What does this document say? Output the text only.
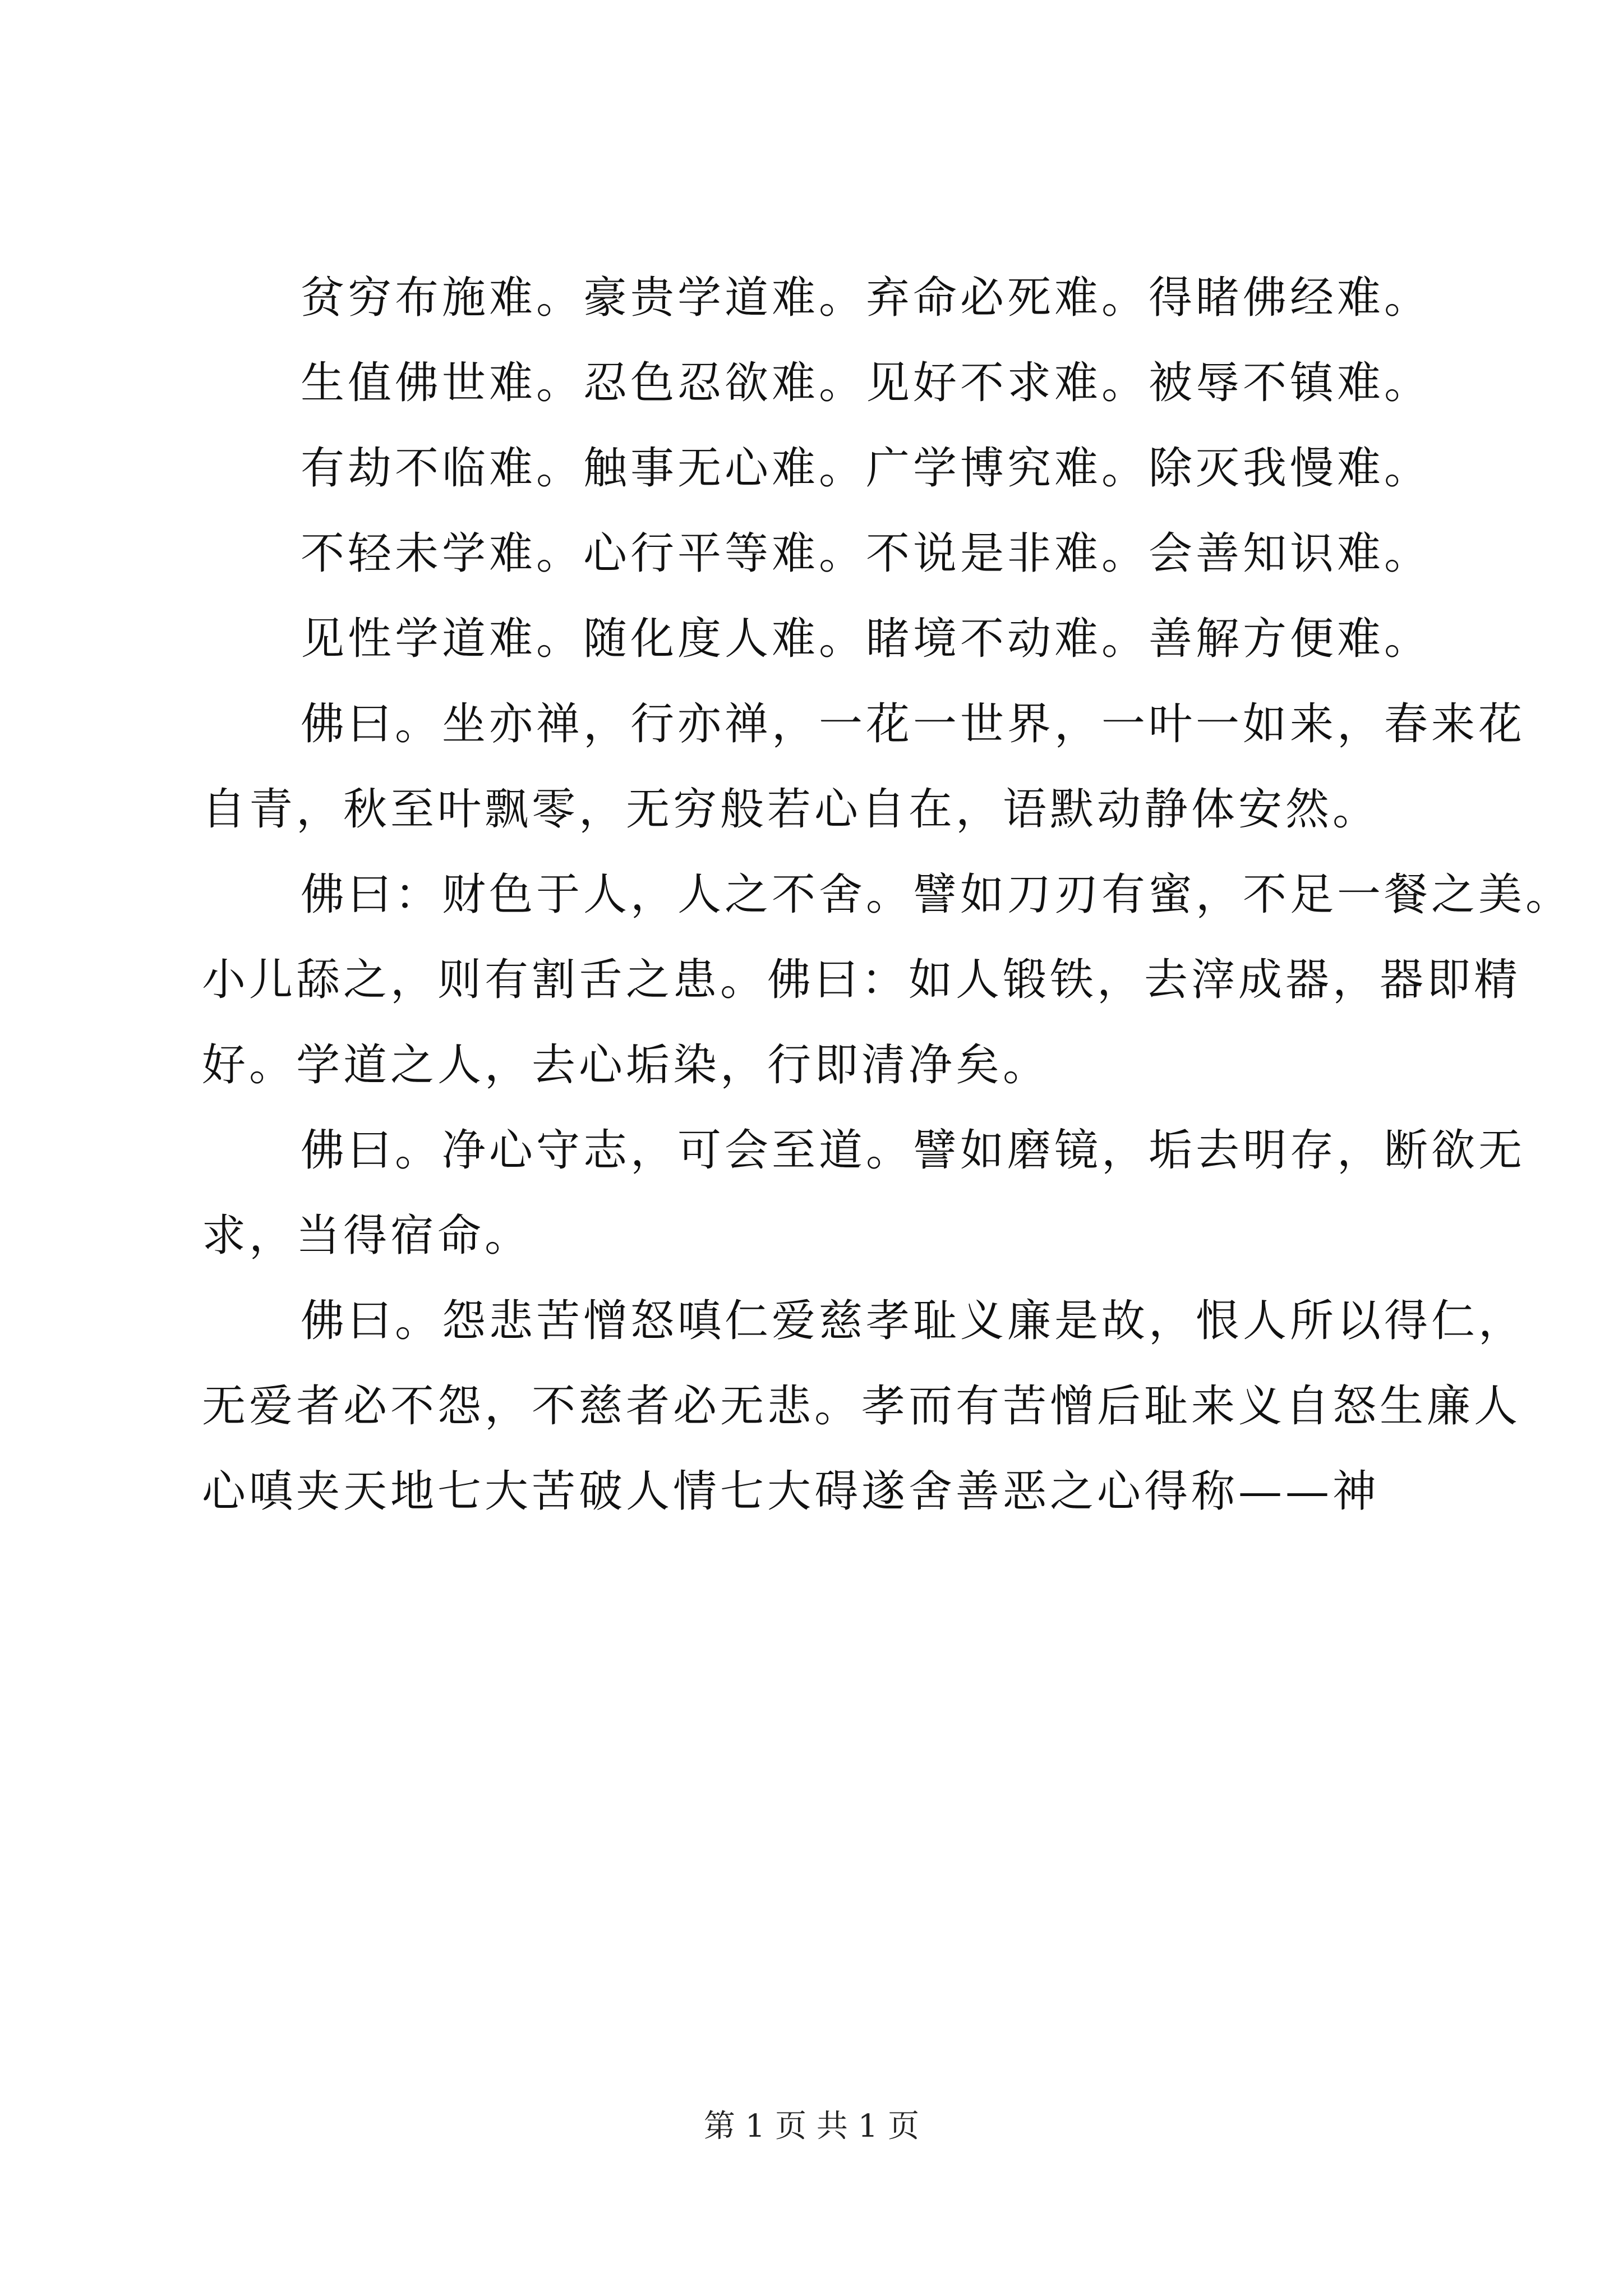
贫穷布施难。豪贵学道难。弃命必死难。得睹佛经难。
生值佛世难。忍色忍欲难。见好不求难。被辱不镇难。
有劫不临难。触事无心难。广学博究难。除灭我慢难。
不轻未学难。心行平等难。不说是非难。会善知识难。
见性学道难。随化度人难。睹境不动难。善解方便难。
佛曰。坐亦禅，行亦禅，一花一世界，一叶一如来，春来花
自青，秋至叶飘零，无穷般若心自在，语默动静体安然。
佛曰：财色于人，人之不舍。譬如刀刃有蜜，不足一餐之美。
小儿舔之，则有割舌之患。佛曰：如人锻铁，去滓成器，器即精
好。学道之人，去心垢染，行即清净矣。
佛曰。净心守志，可会至道。譬如磨镜，垢去明存，断欲无
求，当得宿命。
佛曰。怨悲苦憎怒嗔仁爱慈孝耻义廉是故，恨人所以得仁，
无爱者必不怨，不慈者必无悲。孝而有苦憎后耻来义自怒生廉人
心嗔夹天地七大苦破人情七大碍遂舍善恶之心得称——神
第 1 页 共 1 页
